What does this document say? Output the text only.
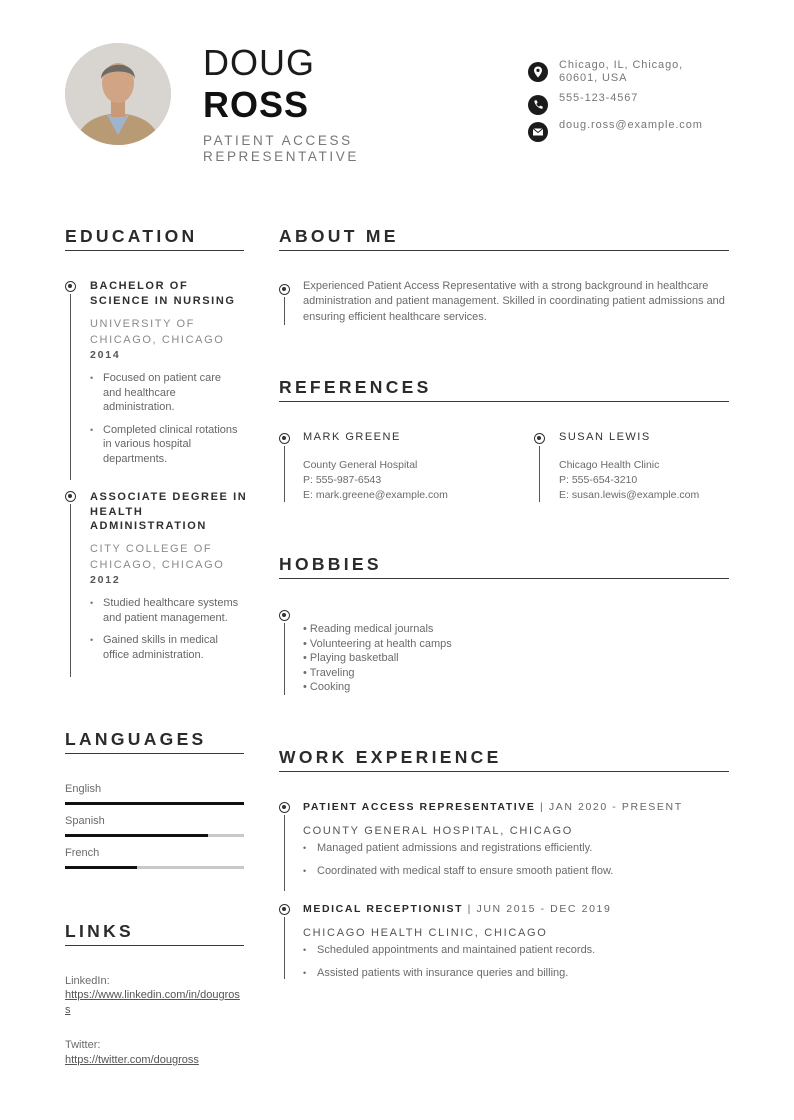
DOUG
ROSS
PATIENT ACCESS REPRESENTATIVE
Chicago, IL, Chicago, 60601, USA
555-123-4567
doug.ross@example.com
EDUCATION
BACHELOR OF SCIENCE IN NURSING
UNIVERSITY OF CHICAGO, CHICAGO
2014
• Focused on patient care and healthcare administration.
• Completed clinical rotations in various hospital departments.
ASSOCIATE DEGREE IN HEALTH ADMINISTRATION
CITY COLLEGE OF CHICAGO, CHICAGO
2012
• Studied healthcare systems and patient management.
• Gained skills in medical office administration.
ABOUT ME
Experienced Patient Access Representative with a strong background in healthcare administration and patient management. Skilled in coordinating patient admissions and ensuring efficient healthcare services.
REFERENCES
MARK GREENE
County General Hospital
P: 555-987-6543
E: mark.greene@example.com
SUSAN LEWIS
Chicago Health Clinic
P: 555-654-3210
E: susan.lewis@example.com
HOBBIES
• Reading medical journals
• Volunteering at health camps
• Playing basketball
• Traveling
• Cooking
LANGUAGES
English
Spanish
French
LINKS
LinkedIn:
https://www.linkedin.com/in/dougross
Twitter:
https://twitter.com/dougross
WORK EXPERIENCE
PATIENT ACCESS REPRESENTATIVE | JAN 2020 - PRESENT
COUNTY GENERAL HOSPITAL, CHICAGO
• Managed patient admissions and registrations efficiently.
• Coordinated with medical staff to ensure smooth patient flow.
MEDICAL RECEPTIONIST | JUN 2015 - DEC 2019
CHICAGO HEALTH CLINIC, CHICAGO
• Scheduled appointments and maintained patient records.
• Assisted patients with insurance queries and billing.
